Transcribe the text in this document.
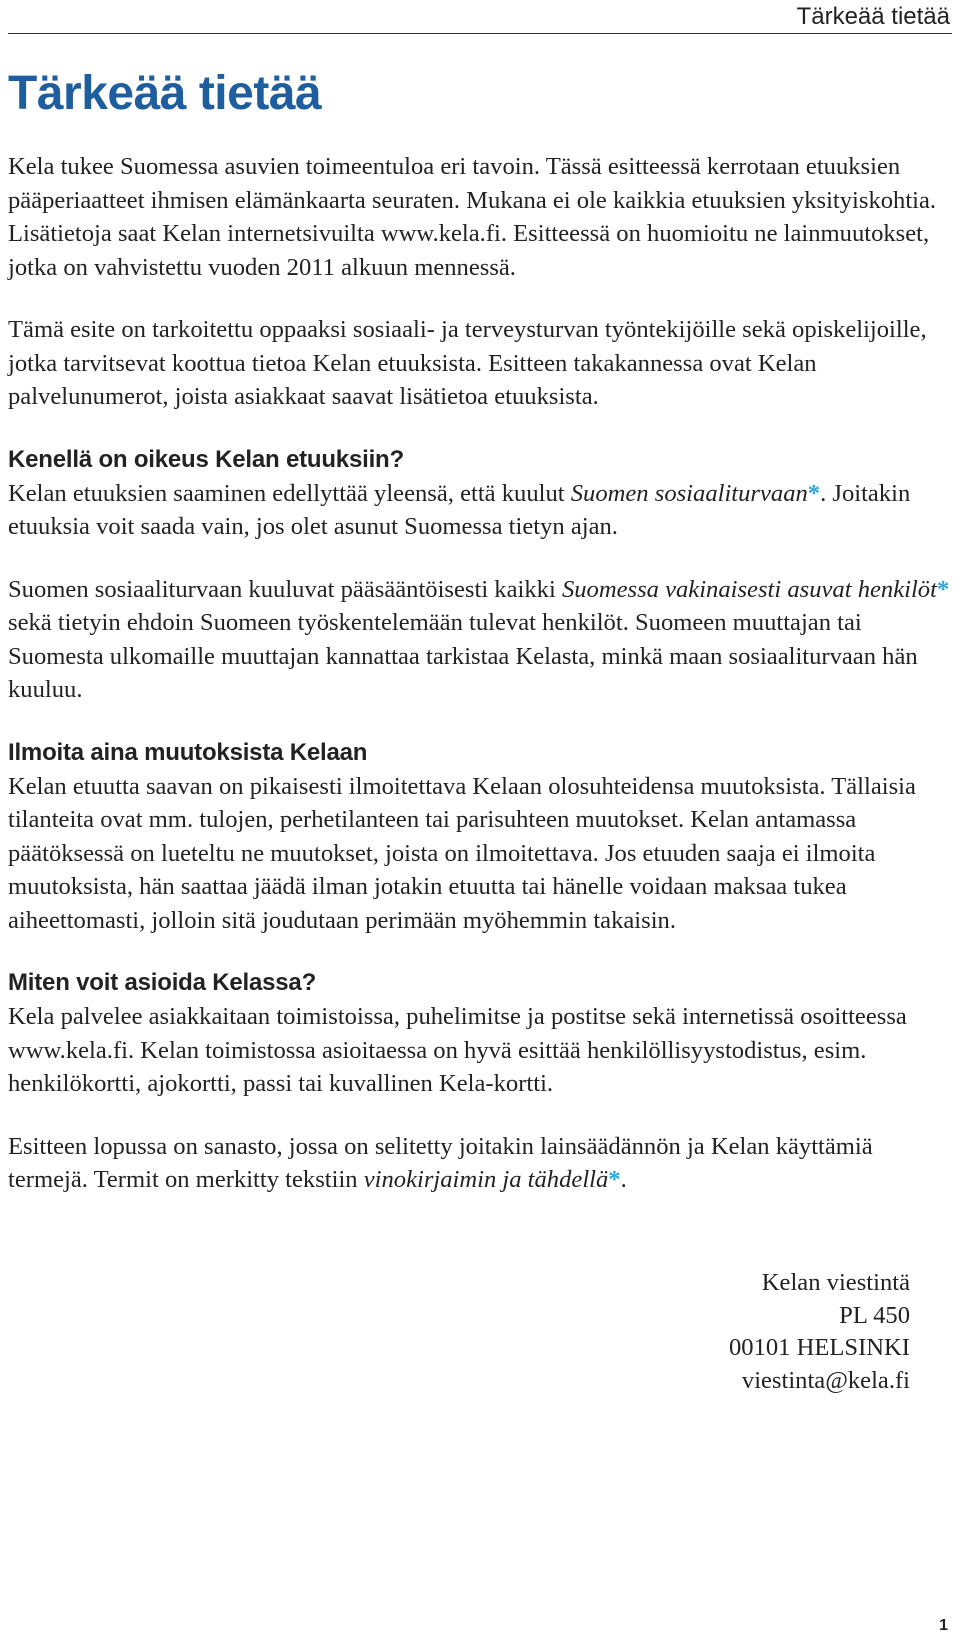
Tärkeää tietää
Tärkeää tietää

Kela tukee Suomessa asuvien toimeentuloa eri tavoin. Tässä esitteessä kerrotaan etuuksien pääperiaatteet ihmisen elämänkaarta seuraten. Mukana ei ole kaikkia etuuksien yksityiskohtia. Lisätietoja saat Kelan internetsivuilta www.kela.fi. Esitteessä on huomioitu ne lainmuutokset, jotka on vahvistettu vuoden 2011 alkuun mennessä.

Tämä esite on tarkoitettu oppaaksi sosiaali- ja terveysturvan työntekijöille sekä opiskelijoille, jotka tarvitsevat koottua tietoa Kelan etuuksista. Esitteen takakannessa ovat Kelan palvelunumerot, joista asiakkaat saavat lisätietoa etuuksista.

Kenellä on oikeus Kelan etuuksiin?

Kelan etuuksien saaminen edellyttää yleensä, että kuulut Suomen sosiaaliturvaan*. Joitakin etuuksia voit saada vain, jos olet asunut Suomessa tietyn ajan.

Suomen sosiaaliturvaan kuuluvat pääsääntöisesti kaikki Suomessa vakinaisesti asuvat henkilöt* sekä tietyin ehdoin Suomeen työskentelemään tulevat henkilöt. Suomeen muuttajan tai Suomesta ulkomaille muuttajan kannattaa tarkistaa Kelasta, minkä maan sosiaaliturvaan hän kuuluu.

Ilmoita aina muutoksista Kelaan

Kelan etuutta saavan on pikaisesti ilmoitettava Kelaan olosuhteidensa muutoksista. Tällaisia tilanteita ovat mm. tulojen, perhetilanteen tai parisuhteen muutokset. Kelan antamassa päätöksessä on lueteltu ne muutokset, joista on ilmoitettava. Jos etuuden saaja ei ilmoita muutoksista, hän saattaa jäädä ilman jotakin etuutta tai hänelle voidaan maksaa tukea aiheettomasti, jolloin sitä joudutaan perimään myöhemmin takaisin.

Miten voit asioida Kelassa?

Kela palvelee asiakkaitaan toimistoissa, puhelimitse ja postitse sekä internetissä osoitteessa www.kela.fi. Kelan toimistossa asioitaessa on hyvä esittää henkilöllisyystodistus, esim. henkilökortti, ajokortti, passi tai kuvallinen Kela-kortti.

Esitteen lopussa on sanasto, jossa on selitetty joitakin lainsäädännön ja Kelan käyttämiä termejä. Termit on merkitty tekstiin vinokirjaimin ja tähdellä*.

Kelan viestintä
PL 450
00101 HELSINKI
viestinta@kela.fi
1
